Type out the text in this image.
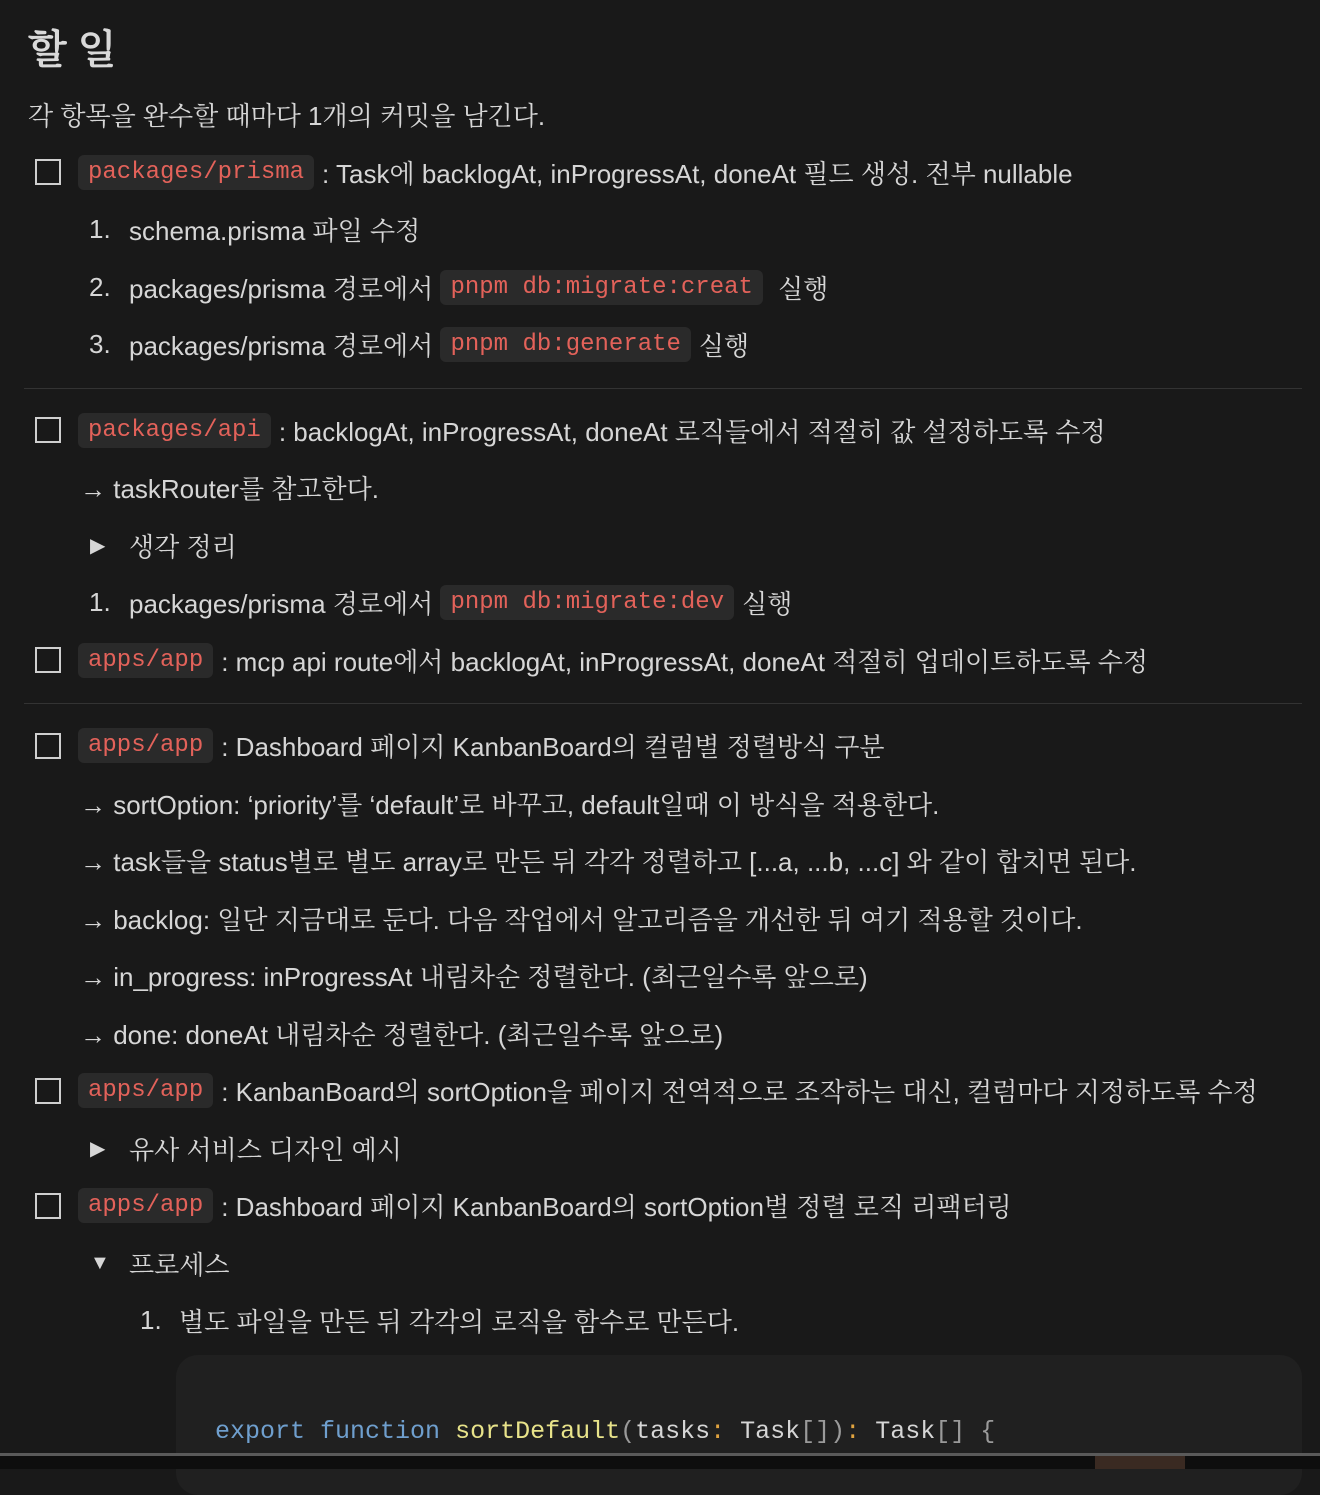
할 일
각 항목을 완수할 때마다 1개의 커밋을 남긴다.
packages/prisma : Task에 backlogAt, inProgressAt, doneAt 필드 생성. 전부 nullable
1. schema.prisma 파일 수정
2. packages/prisma 경로에서
pnpm db:migrate:creat
실행
3. packages/prisma 경로에서
pnpm db:generate 실행
packages/api : backlogAt, inProgressAt, doneAt 로직들에서 적절히 값 설정하도록 수정
→ taskRouter를 참고한다.
▶ 생각 정리
1. packages/prisma 경로에서
pnpm db:migrate:dev 실행
apps/app : mcp api route에서 backlogAt, inProgressAt, doneAt 적절히 업데이트하도록 수정
apps/app : Dashboard 페이지 KanbanBoard의 컬럼별 정렬방식 구분
→ sortOption: ‘priority’를 ‘default’로 바꾸고, default일때 이 방식을 적용한다.
→ task들을 status별로 별도 array로 만든 뒤 각각 정렬하고 [...a, ...b, ...c] 와 같이 합치면 된다.
→ backlog: 일단 지금대로 둔다. 다음 작업에서 알고리즘을 개선한 뒤 여기 적용할 것이다.
→ in_progress: inProgressAt 내림차순 정렬한다. (최근일수록 앞으로)
→ done: doneAt 내림차순 정렬한다. (최근일수록 앞으로)
apps/app : KanbanBoard의 sortOption을 페이지 전역적으로 조작하는 대신, 컬럼마다 지정하도록 수정
▶ 유사 서비스 디자인 예시
apps/app : Dashboard 페이지 KanbanBoard의 sortOption별 정렬 로직 리팩터링
▼ 프로세스
1. 별도 파일을 만든 뒤 각각의 로직을 함수로 만든다.
export function sortDefault(tasks: Task[]): Task[] {
